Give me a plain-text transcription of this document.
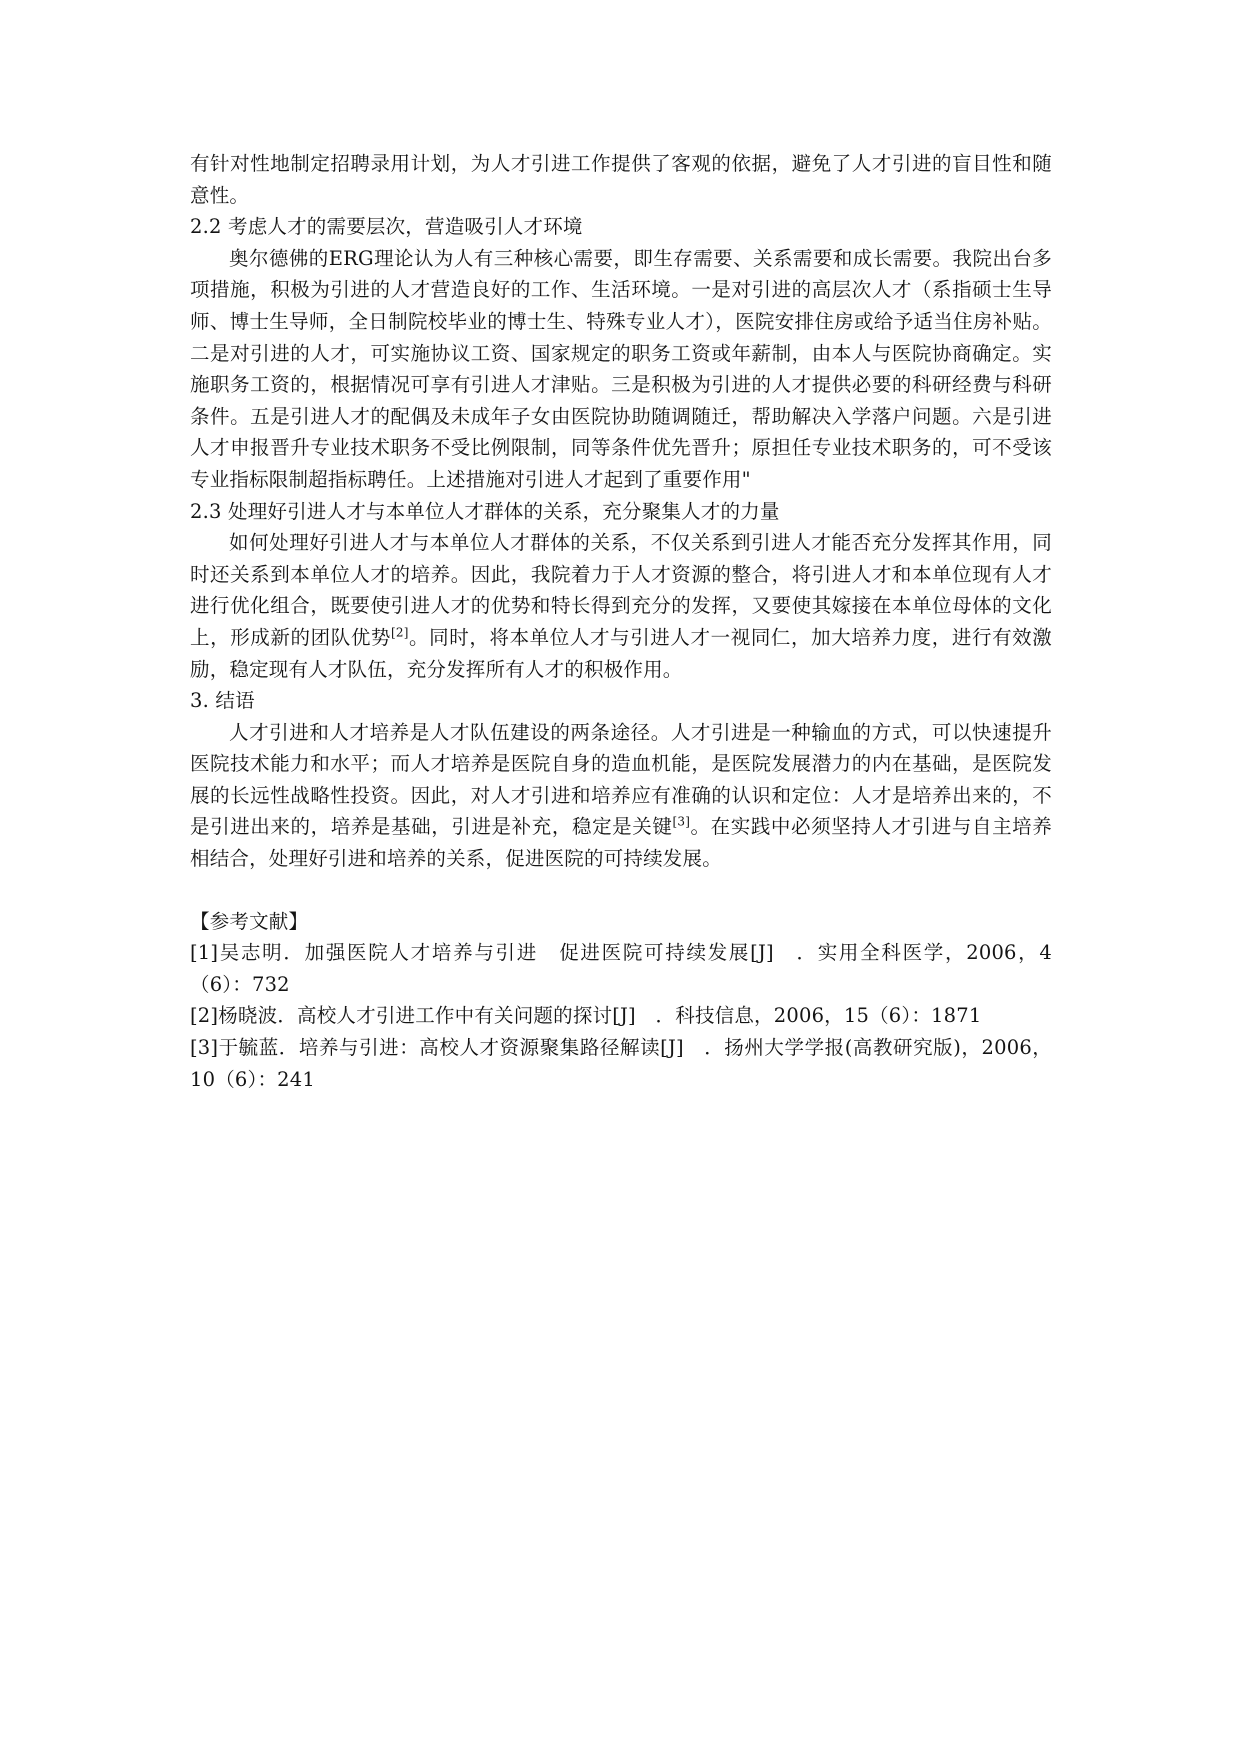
有针对性地制定招聘录用计划，为人才引进工作提供了客观的依据，避免了人才引进的盲目性和随意性。

2.2 考虑人才的需要层次，营造吸引人才环境

奥尔德佛的ERG理论认为人有三种核心需要，即生存需要、关系需要和成长需要。我院出台多项措施，积极为引进的人才营造良好的工作、生活环境。一是对引进的高层次人才（系指硕士生导师、博士生导师，全日制院校毕业的博士生、特殊专业人才），医院安排住房或给予适当住房补贴。二是对引进的人才，可实施协议工资、国家规定的职务工资或年薪制，由本人与医院协商确定。实施职务工资的，根据情况可享有引进人才津贴。三是积极为引进的人才提供必要的科研经费与科研条件。五是引进人才的配偶及未成年子女由医院协助随调随迁，帮助解决入学落户问题。六是引进人才申报晋升专业技术职务不受比例限制，同等条件优先晋升；原担任专业技术职务的，可不受该专业指标限制超指标聘任。上述措施对引进人才起到了重要作用"

2.3 处理好引进人才与本单位人才群体的关系，充分聚集人才的力量

如何处理好引进人才与本单位人才群体的关系，不仅关系到引进人才能否充分发挥其作用，同时还关系到本单位人才的培养。因此，我院着力于人才资源的整合，将引进人才和本单位现有人才进行优化组合，既要使引进人才的优势和特长得到充分的发挥，又要使其嫁接在本单位母体的文化上，形成新的团队优势[2]。同时，将本单位人才与引进人才一视同仁，加大培养力度，进行有效激励，稳定现有人才队伍，充分发挥所有人才的积极作用。

3. 结语

人才引进和人才培养是人才队伍建设的两条途径。人才引进是一种输血的方式，可以快速提升医院技术能力和水平；而人才培养是医院自身的造血机能，是医院发展潜力的内在基础，是医院发展的长远性战略性投资。因此，对人才引进和培养应有准确的认识和定位：人才是培养出来的，不是引进出来的，培养是基础，引进是补充，稳定是关键[3]。在实践中必须坚持人才引进与自主培养相结合，处理好引进和培养的关系，促进医院的可持续发展。

【参考文献】

[1]吴志明．加强医院人才培养与引进　促进医院可持续发展[J]　．实用全科医学，2006，4（6）：732

[2]杨晓波．高校人才引进工作中有关问题的探讨[J]　．科技信息，2006，15（6）：1871

[3]于毓蓝．培养与引进：高校人才资源聚集路径解读[J]　．扬州大学学报(高教研究版)，2006，10（6）：241
